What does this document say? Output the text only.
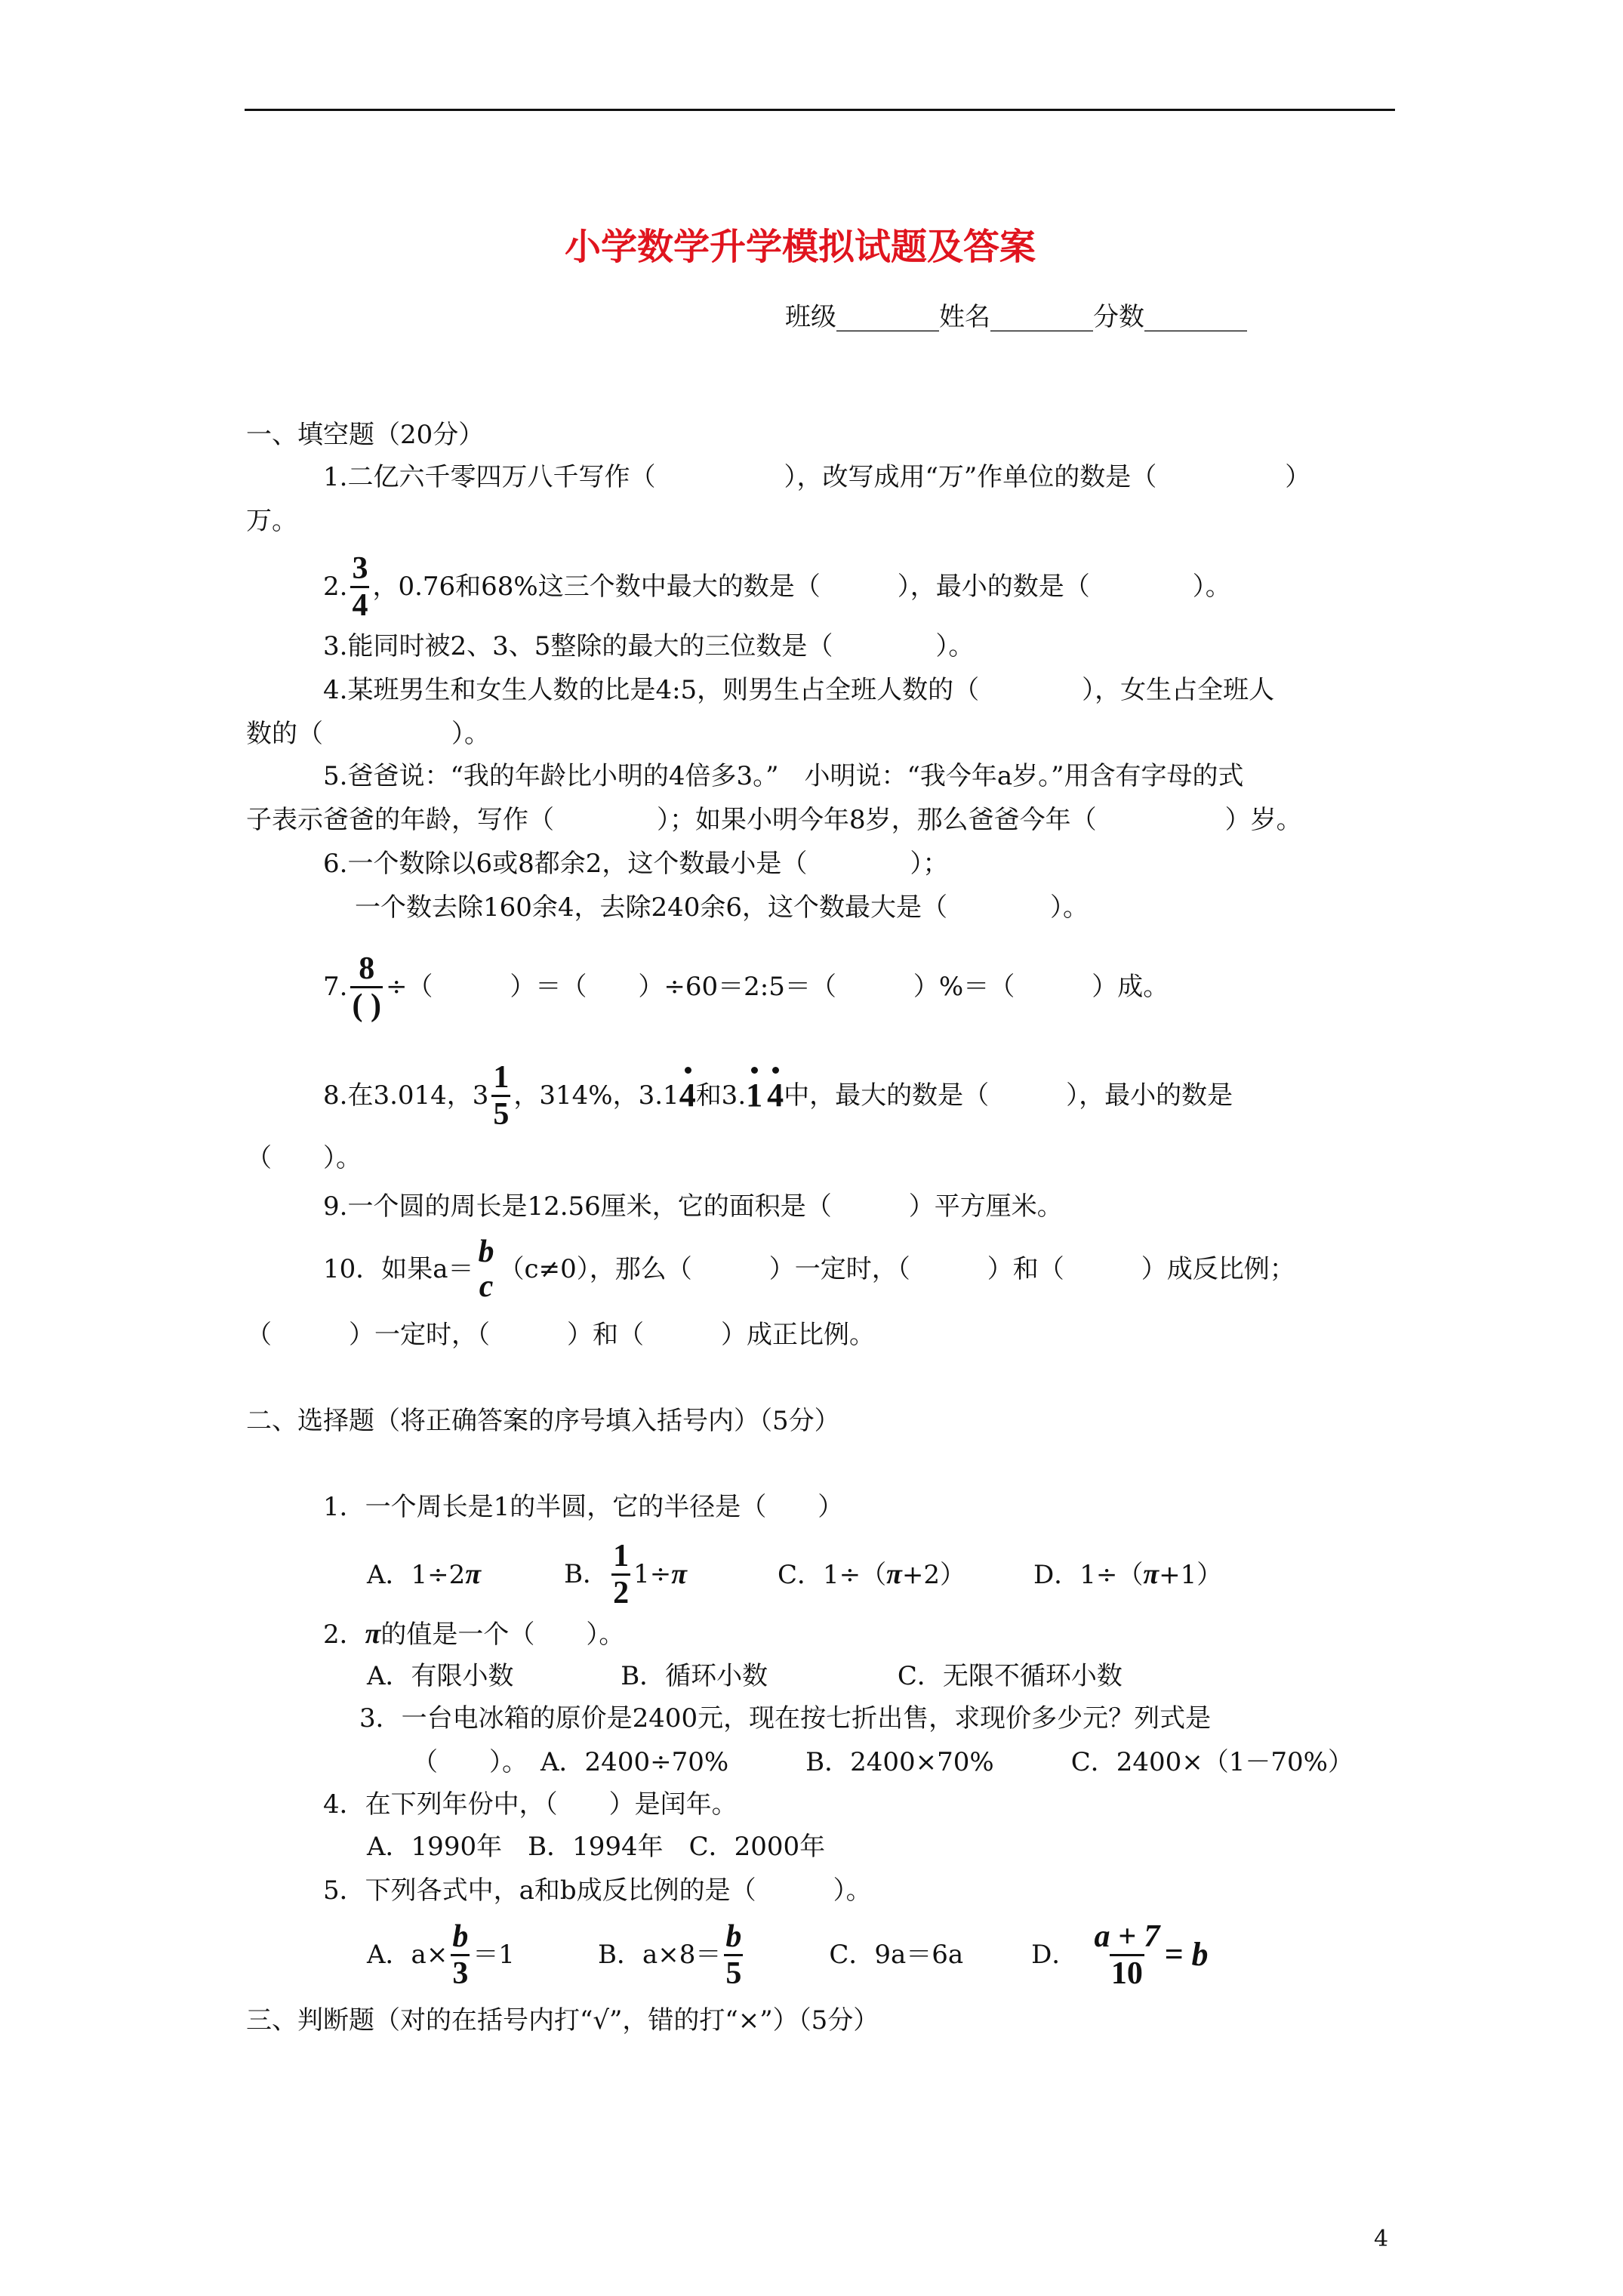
小学数学升学模拟试题及答案
班级________姓名________分数________
一、填空题（20分）
1.二亿六千零四万八千写作（　　　　　），改写成用“万”作单位的数是（　　　　　）
万。
2. $\frac{3}{4}$ ，0.76和68%这三个数中最大的数是（　　　），最小的数是（　　　　）。
3.能同时被2、3、5整除的最大的三位数是（　　　　）。
4.某班男生和女生人数的比是4:5，则男生占全班人数的（　　　　），女生占全班人
数的（　　　　　）。
5.爸爸说：“我的年龄比小明的4倍多3。”　小明说：“我今年a岁。”用含有字母的式
子表示爸爸的年龄，写作（　　　　）；如果小明今年8岁，那么爸爸今年（　　　　　）岁。
6.一个数除以6或8都余2，这个数最小是（　　　　）；
一个数去除160余4，去除240余6，这个数最大是（　　　　）。
7. $\frac{8}{( )}$ ÷（　　　）＝（　　）÷60＝2:5＝（　　　）%＝（　　　）成。
8.在3.014，$3 \frac{1}{5}$ ，314%，3.1 4 和3. 1 4 中，最大的数是（　　　），最小的数是
（　　）。
9.一个圆的周长是12.56厘米，它的面积是（　　　）平方厘米。
10．如果a＝ b
c （c≠0），那么（　　　）一定时，（　　　）和（　　　）成反比例；
（　　　）一定时，（　　　）和（　　　）成正比例。
二、选择题（将正确答案的序号填入括号内）（5分）
1．一个周长是1的半圆，它的半径是（　　）
A．1÷2π	B． $\frac{1}{2} 1\div \pi$	C．1÷（π+2）	D．1÷（π+1）
2．π的值是一个（　　）。
A．有限小数	B．循环小数	C．无限不循环小数
3．一台电冰箱的原价是2400元，现在按七折出售，求现价多少元？列式是
（　　）。　A．2400÷70%　　　B．2400×70%　　　C．2400×（1－70%）
4．在下列年份中，（　　）是闰年。
A．1990年　B．1994年　C．2000年
5．下列各式中，a和b成反比例的是（　　　）。
A．$a\times \frac{b}{3} =1$	B．$a\times 8= \frac{b}{5}$	C．9a＝6a	D． $\frac{a + 7}{10} = b$
三、判断题（对的在括号内打“√”，错的打“×”）（5分）
4
